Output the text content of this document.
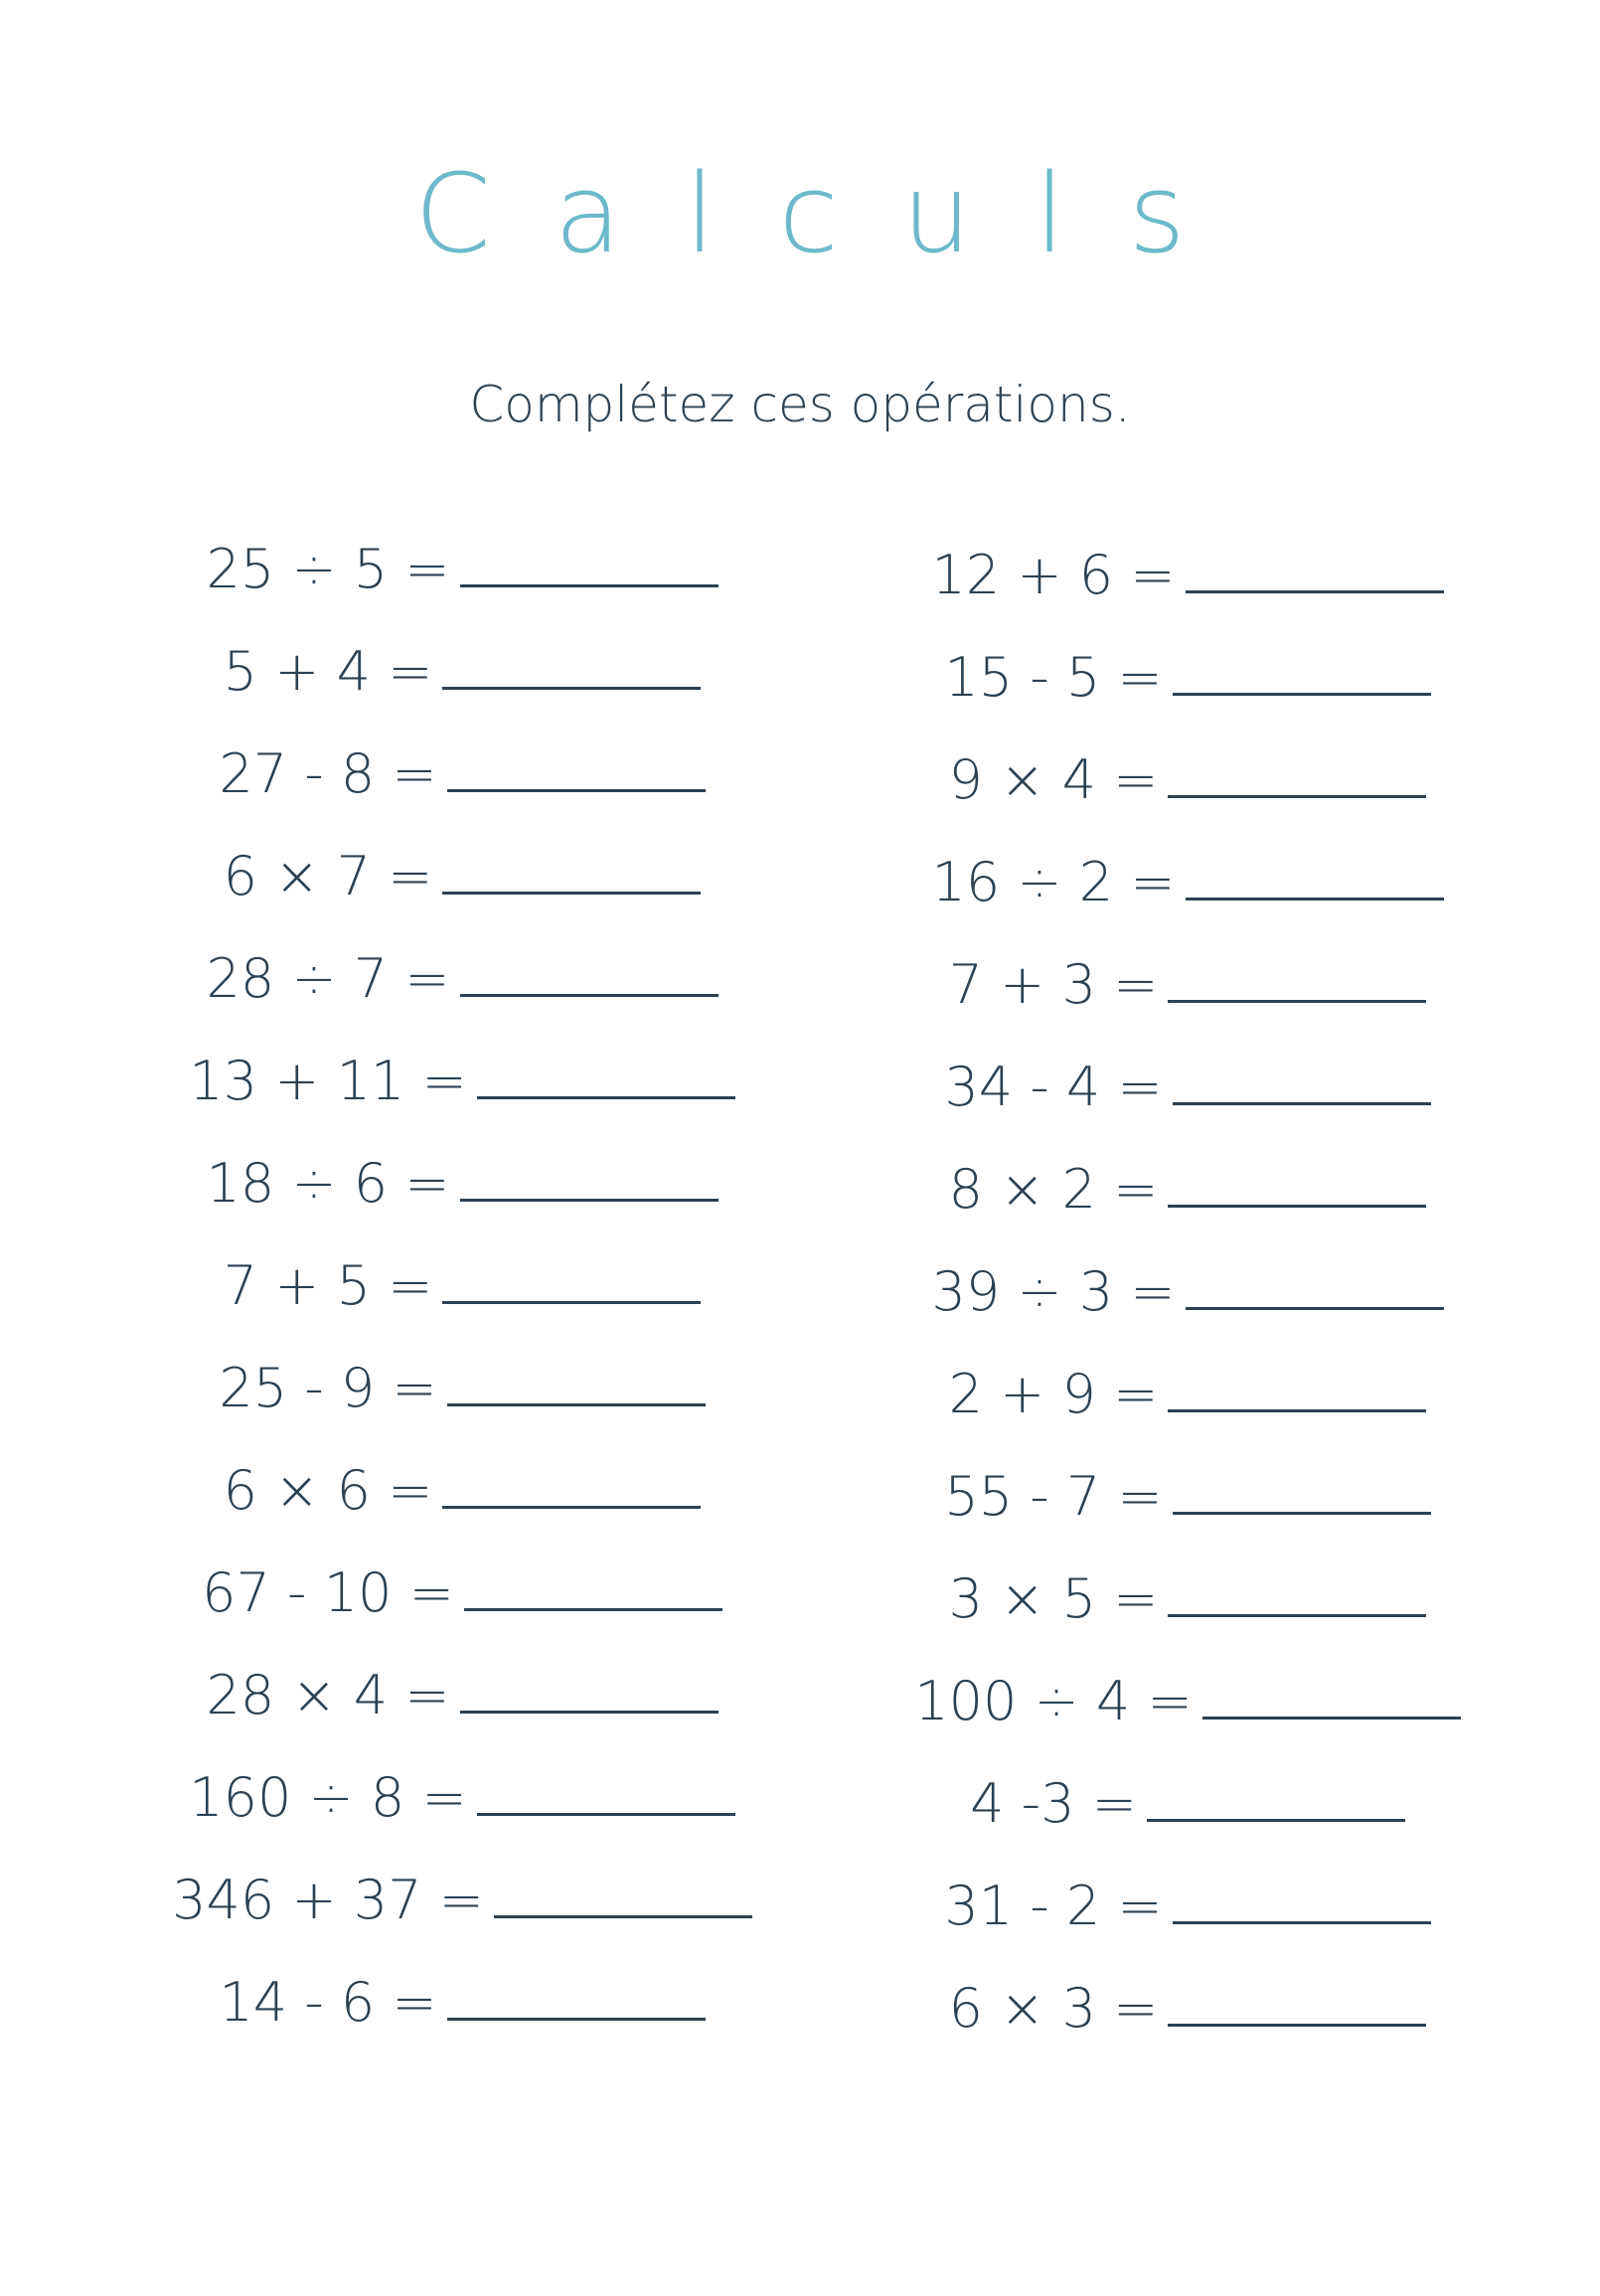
Calculs
Complétez ces opérations.
25 ÷ 5 =
5 + 4 =
27 - 8 =
6 × 7 =
28 ÷ 7 =
13 + 11 =
18 ÷ 6 =
7 + 5 =
25 - 9 =
6 × 6 =
67 - 10 =
28 × 4 =
160 ÷ 8 =
346 + 37 =
14 - 6 =
12 + 6 =
15 - 5 =
9 × 4 =
16 ÷ 2 =
7 + 3 =
34 - 4 =
8 × 2 =
39 ÷ 3 =
2 + 9 =
55 - 7 =
3 × 5 =
100 ÷ 4 =
4 -3 =
31 - 2 =
6 × 3 =
